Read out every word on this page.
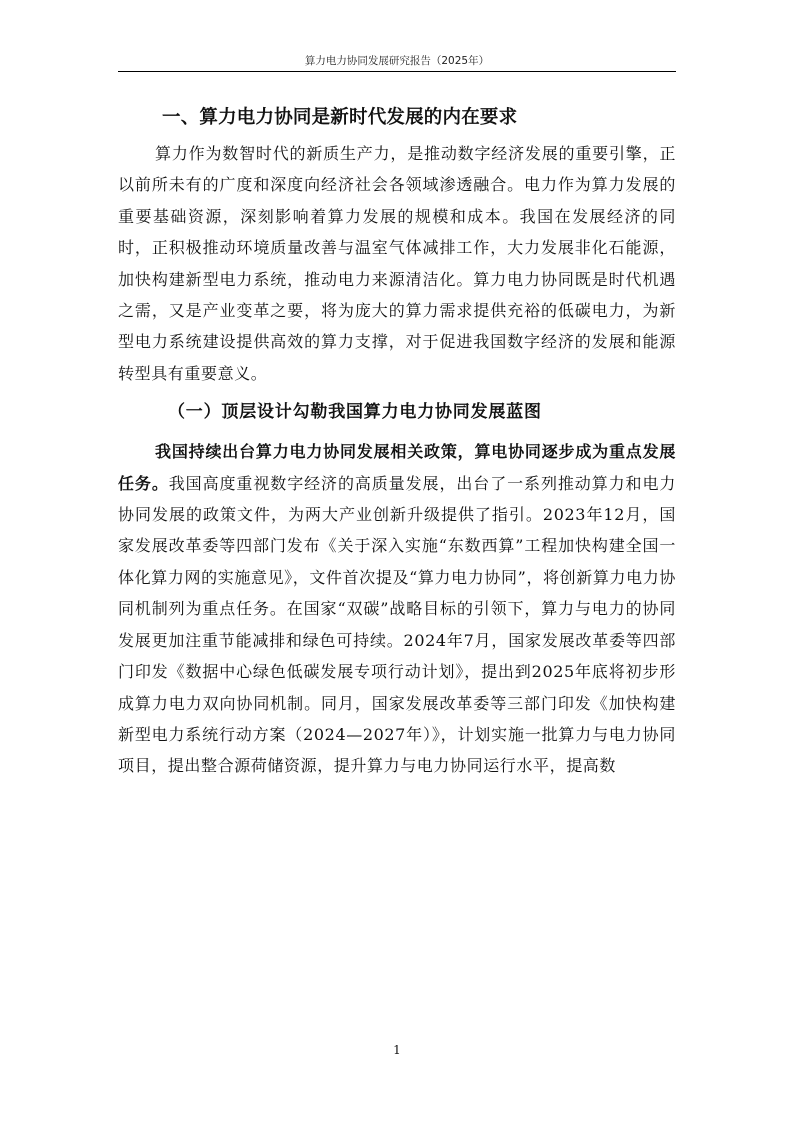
算力电力协同发展研究报告（2025年）
一、算力电力协同是新时代发展的内在要求

算力作为数智时代的新质生产力，是推动数字经济发展的重要引擎，正以前所未有的广度和深度向经济社会各领域渗透融合。电力作为算力发展的重要基础资源，深刻影响着算力发展的规模和成本。我国在发展经济的同时，正积极推动环境质量改善与温室气体减排工作，大力发展非化石能源，加快构建新型电力系统，推动电力来源清洁化。算力电力协同既是时代机遇之需，又是产业变革之要，将为庞大的算力需求提供充裕的低碳电力，为新型电力系统建设提供高效的算力支撑，对于促进我国数字经济的发展和能源转型具有重要意义。

（一）顶层设计勾勒我国算力电力协同发展蓝图

我国持续出台算力电力协同发展相关政策，算电协同逐步成为重点发展任务。我国高度重视数字经济的高质量发展，出台了一系列推动算力和电力协同发展的政策文件，为两大产业创新升级提供了指引。2023年12月，国家发展改革委等四部门发布《关于深入实施“东数西算”工程加快构建全国一体化算力网的实施意见》，文件首次提及“算力电力协同”，将创新算力电力协同机制列为重点任务。在国家“双碳”战略目标的引领下，算力与电力的协同发展更加注重节能减排和绿色可持续。2024年7月，国家发展改革委等四部门印发《数据中心绿色低碳发展专项行动计划》，提出到2025年底将初步形成算力电力双向协同机制。同月，国家发展改革委等三部门印发《加快构建新型电力系统行动方案（2024—2027年）》，计划实施一批算力与电力协同项目，提出整合源荷储资源，提升算力与电力协同运行水平，提高数

1
